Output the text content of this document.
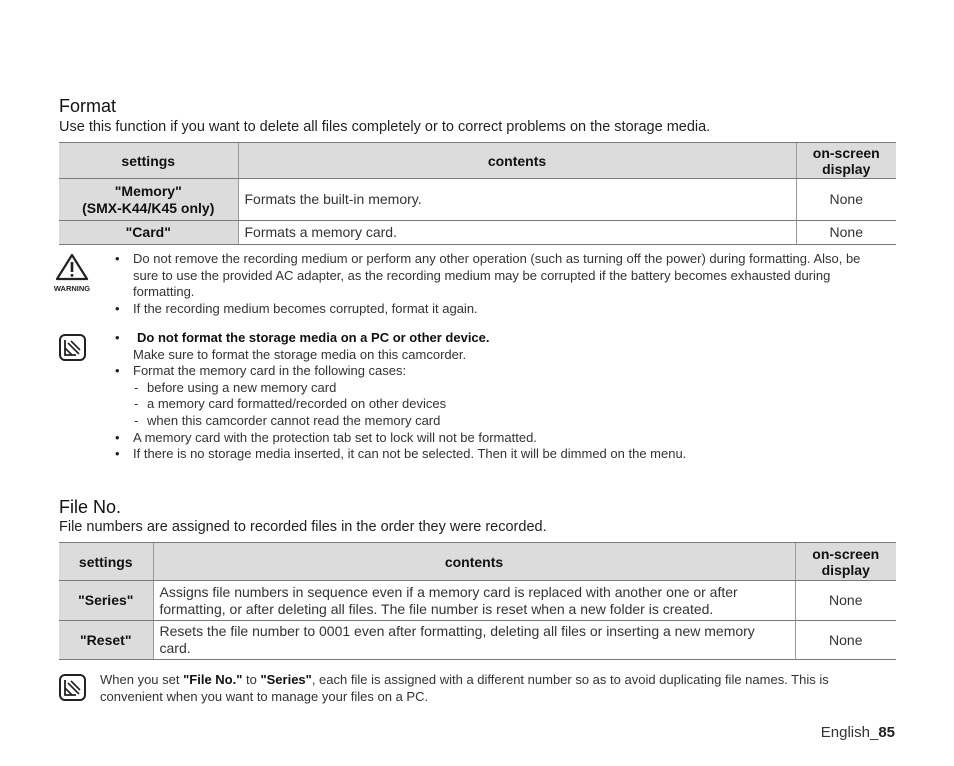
Format
Use this function if you want to delete all files completely or to correct problems on the storage media.
settings	contents	on-screen display

"Memory"
(SMX-K44/K45 only)	Formats the built-in memory.	None
"Card"	Formats a memory card.	None
WARNING
• Do not remove the recording medium or perform any other operation (such as turning off the power) during formatting. Also, be sure to use the provided AC adapter, as the recording medium may be corrupted if the battery becomes exhausted during formatting.
• If the recording medium becomes corrupted, format it again.
• Do not format the storage media on a PC or other device.
Make sure to format the storage media on this camcorder.
• Format the memory card in the following cases:
- before using a new memory card
- a memory card formatted/recorded on other devices
- when this camcorder cannot read the memory card
• A memory card with the protection tab set to lock will not be formatted.
• If there is no storage media inserted, it can not be selected. Then it will be dimmed on the menu.
File No.
File numbers are assigned to recorded files in the order they were recorded.
settings	contents	on-screen display
"Series"	Assigns file numbers in sequence even if a memory card is replaced with another one or after formatting, or after deleting all files. The file number is reset when a new folder is created.	None
"Reset"	Resets the file number to 0001 even after formatting, deleting all files or inserting a new memory card.	None
When you set "File No." to "Series", each file is assigned with a different number so as to avoid duplicating file names. This is convenient when you want to manage your files on a PC.
English_85
